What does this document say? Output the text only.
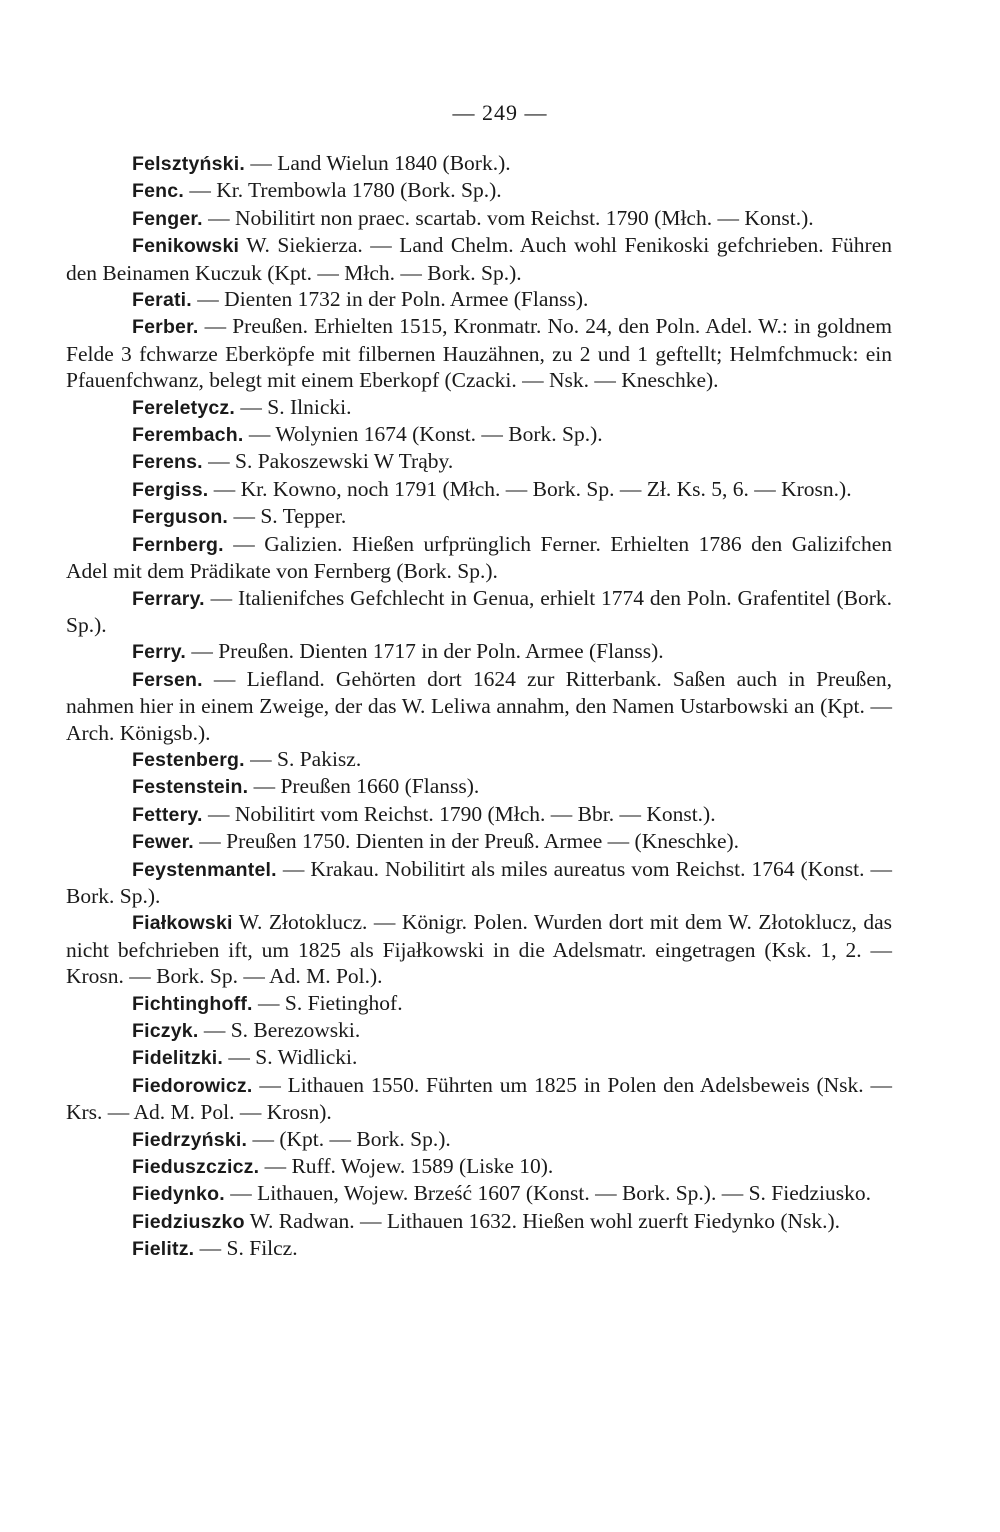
— 249 —

Felsztyński. — Land Wielun 1840 (Bork.).

Fenc. — Kr. Trembowla 1780 (Bork. Sp.).

Fenger. — Nobilitirt non praec. scartab. vom Reichst. 1790 (Młch. — Konst.).

Fenikowski W. Siekierza. — Land Chelm. Auch wohl Fenikoski gefchrieben. Führen den Beinamen Kuczuk (Kpt. — Młch. — Bork. Sp.).

Ferati. — Dienten 1732 in der Poln. Armee (Flanss).

Ferber. — Preußen. Erhielten 1515, Kronmatr. No. 24, den Poln. Adel. W.: in goldnem Felde 3 fchwarze Eberköpfe mit filbernen Hauzähnen, zu 2 und 1 geftellt; Helmfchmuck: ein Pfauenfchwanz, belegt mit einem Eberkopf (Czacki. — Nsk. — Kneschke).

Fereletycz. — S. Ilnicki.

Ferembach. — Wolynien 1674 (Konst. — Bork. Sp.).

Ferens. — S. Pakoszewski W Trąby.

Fergiss. — Kr. Kowno, noch 1791 (Młch. — Bork. Sp. — Zł. Ks. 5, 6. — Krosn.).

Ferguson. — S. Tepper.

Fernberg. — Galizien. Hießen urfprünglich Ferner. Erhielten 1786 den Galizifchen Adel mit dem Prädikate von Fernberg (Bork. Sp.).

Ferrary. — Italienifches Gefchlecht in Genua, erhielt 1774 den Poln. Grafentitel (Bork. Sp.).

Ferry. — Preußen. Dienten 1717 in der Poln. Armee (Flanss).

Fersen. — Liefland. Gehörten dort 1624 zur Ritterbank. Saßen auch in Preußen, nahmen hier in einem Zweige, der das W. Leliwa annahm, den Namen Ustarbowski an (Kpt. — Arch. Königsb.).

Festenberg. — S. Pakisz.

Festenstein. — Preußen 1660 (Flanss).

Fettery. — Nobilitirt vom Reichst. 1790 (Młch. — Bbr. — Konst.).

Fewer. — Preußen 1750. Dienten in der Preuß. Armee — (Kneschke).

Feystenmantel. — Krakau. Nobilitirt als miles aureatus vom Reichst. 1764 (Konst. — Bork. Sp.).

Fiałkowski W. Złotoklucz. — Königr. Polen. Wurden dort mit dem W. Złotoklucz, das nicht befchrieben ift, um 1825 als Fijałkowski in die Adelsmatr. eingetragen (Ksk. 1, 2. — Krosn. — Bork. Sp. — Ad. M. Pol.).

Fichtinghoff. — S. Fietinghof.

Ficzyk. — S. Berezowski.

Fidelitzki. — S. Widlicki.

Fiedorowicz. — Lithauen 1550. Führten um 1825 in Polen den Adelsbeweis (Nsk. — Krs. — Ad. M. Pol. — Krosn).

Fiedrzyński. — (Kpt. — Bork. Sp.).

Fieduszczicz. — Ruff. Wojew. 1589 (Liske 10).

Fiedynko. — Lithauen, Wojew. Brześć 1607 (Konst. — Bork. Sp.). — S. Fiedziusko.

Fiedziuszko W. Radwan. — Lithauen 1632. Hießen wohl zuerft Fiedynko (Nsk.).

Fielitz. — S. Filcz.
